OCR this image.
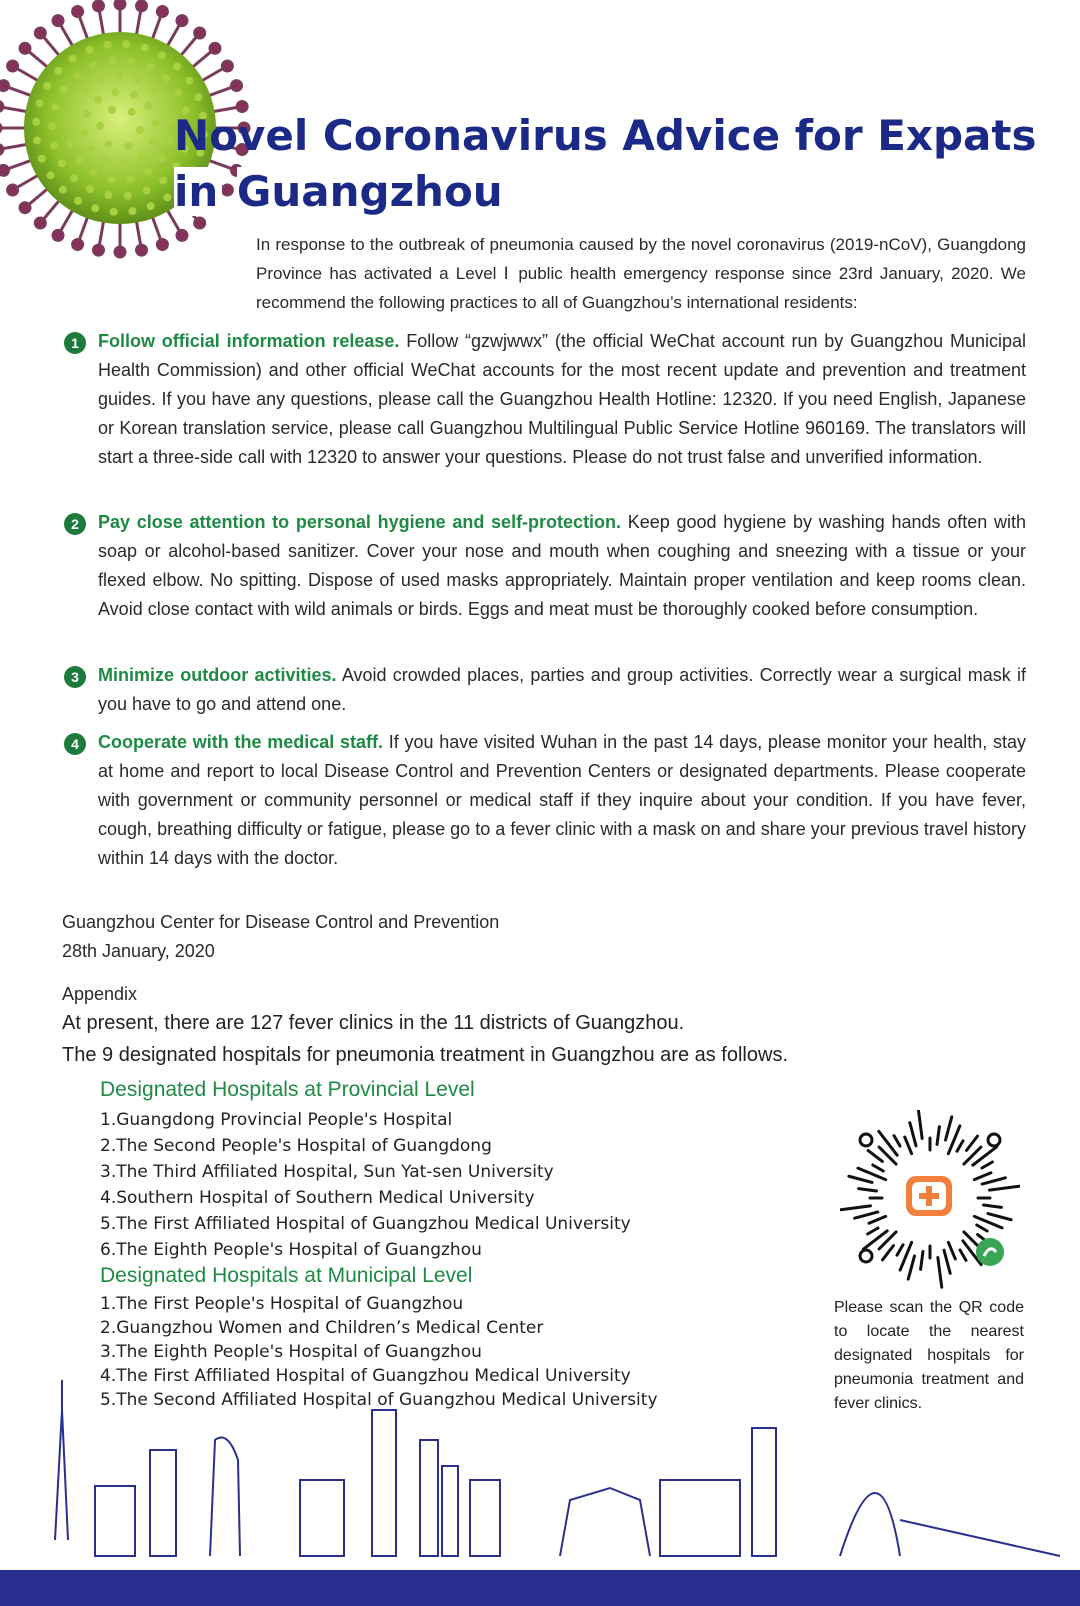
Novel Coronavirus Advice for Expats
in Guangzhou

In response to the outbreak of pneumonia caused by the novel coronavirus (2019-nCoV), Guangdong Province has activated a Level Ⅰ public health emergency response since 23rd January, 2020. We recommend the following practices to all of Guangzhou’s international residents:

1	Follow official information release. Follow “gzwjwwx” (the official WeChat account run by Guangzhou Municipal Health Commission) and other official WeChat accounts for the most recent update and prevention and treatment guides. If you have any questions, please call the Guangzhou Health Hotline: 12320. If you need English, Japanese or Korean translation service, please call Guangzhou Multilingual Public Service Hotline 960169. The translators will start a three-side call with 12320 to answer your questions. Please do not trust false and unverified information.

2	Pay close attention to personal hygiene and self-protection. Keep good hygiene by washing hands often with soap or alcohol-based sanitizer. Cover your nose and mouth when coughing and sneezing with a tissue or your flexed elbow. No spitting. Dispose of used masks appropriately. Maintain proper ventilation and keep rooms clean. Avoid close contact with wild animals or birds. Eggs and meat must be thoroughly cooked before consumption.

3	Minimize outdoor activities. Avoid crowded places, parties and group activities. Correctly wear a surgical mask if you have to go and attend one.

4	Cooperate with the medical staff. If you have visited Wuhan in the past 14 days, please monitor your health, stay at home and report to local Disease Control and Prevention Centers or designated departments. Please cooperate with government or community personnel or medical staff if they inquire about your condition. If you have fever, cough, breathing difficulty or fatigue, please go to a fever clinic with a mask on and share your previous travel history within 14 days with the doctor.

Guangzhou Center for Disease Control and Prevention
28th January, 2020
Appendix
At present, there are 127 fever clinics in the 11 districts of Guangzhou.
The 9 designated hospitals for pneumonia treatment in Guangzhou are as follows.
Designated Hospitals at Provincial Level
1.Guangdong Provincial People's Hospital
2.The Second People's Hospital of Guangdong
3.The Third Affiliated Hospital, Sun Yat-sen University
4.Southern Hospital of Southern Medical University
5.The First Affiliated Hospital of Guangzhou Medical University
6.The Eighth People's Hospital of Guangzhou
Designated Hospitals at Municipal Level
1.The First People's Hospital of Guangzhou
2.Guangzhou Women and Children’s Medical Center
3.The Eighth People's Hospital of Guangzhou
4.The First Affiliated Hospital of Guangzhou Medical University
5.The Second Affiliated Hospital of Guangzhou Medical University
Please scan the QR code to locate the nearest designated hospitals for pneumonia treatment and fever clinics.
